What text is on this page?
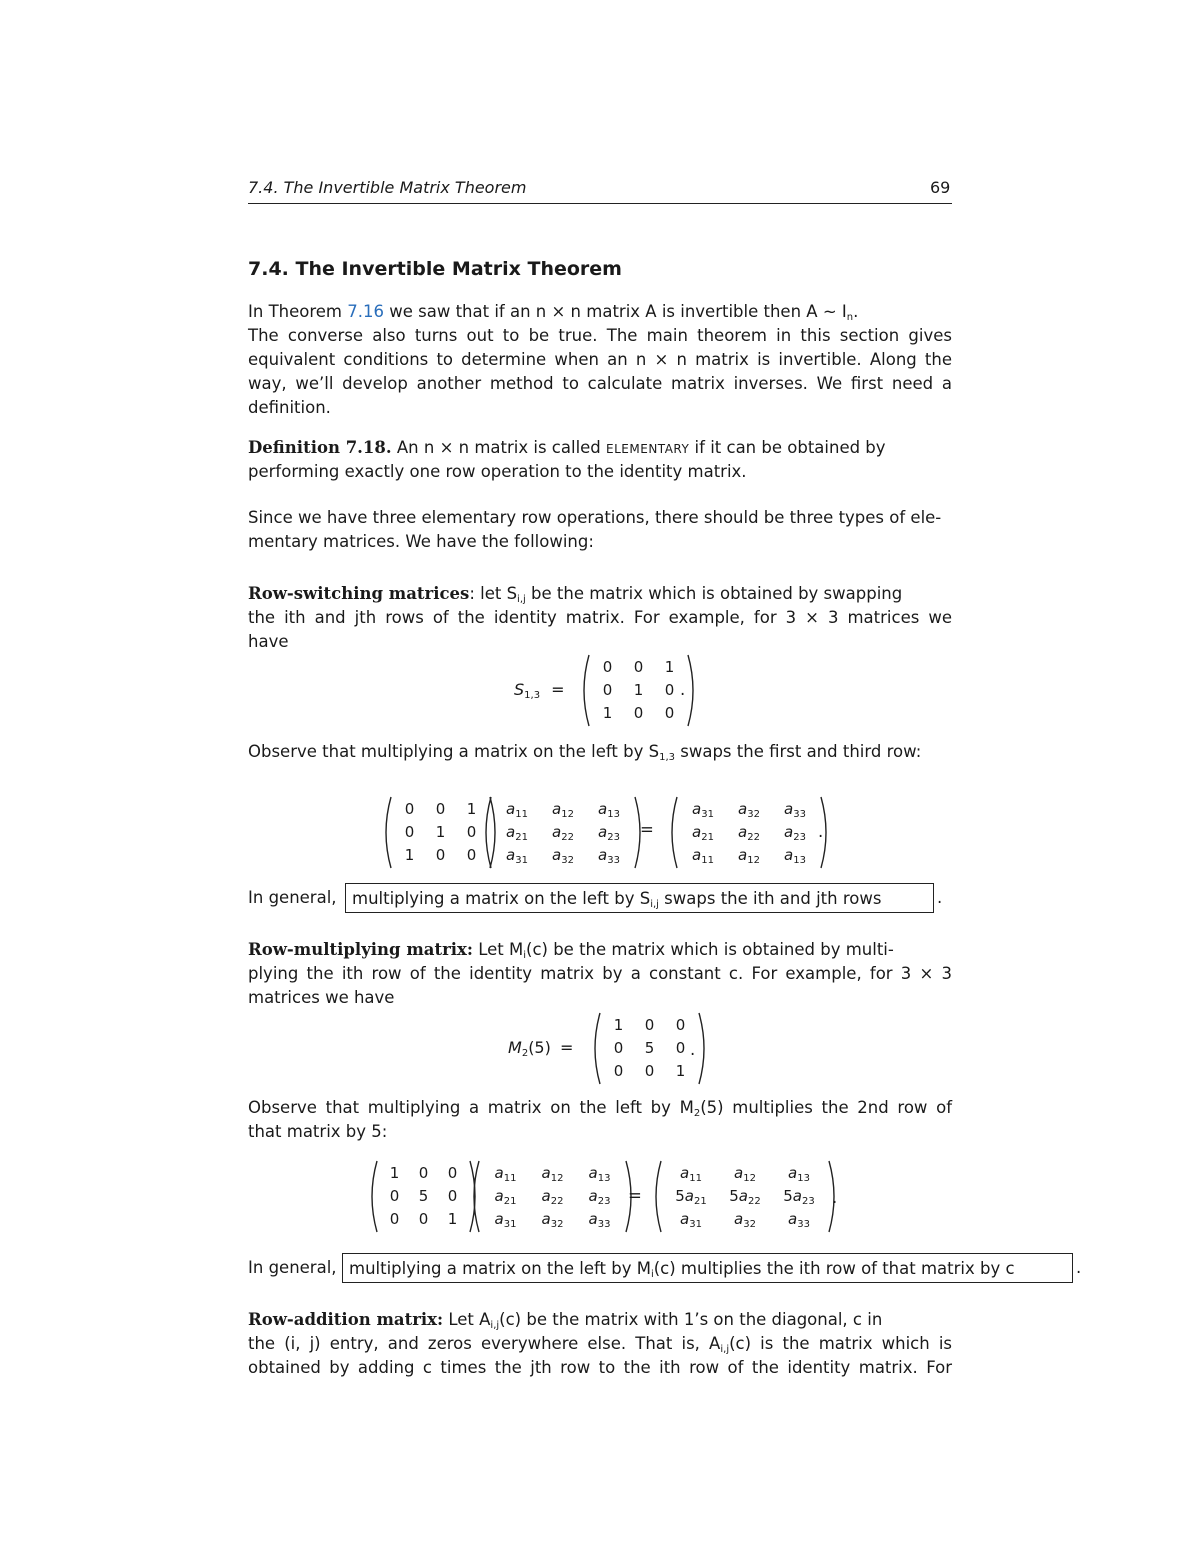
7.4. The Invertible Matrix Theorem	69
7.4. The Invertible Matrix Theorem
In Theorem 7.16 we saw that if an n × n matrix A is invertible then A ∼ $I_n$.
The converse also turns out to be true. The main theorem in this section gives
equivalent conditions to determine when an n × n matrix is invertible. Along the
way, we’ll develop another method to calculate matrix inverses. We first need a
definition.
Definition 7.18. An n × n matrix is called elementary if it can be obtained by
performing exactly one row operation to the identity matrix.
Since we have three elementary row operations, there should be three types of ele-
mentary matrices. We have the following:
Row-switching matrices: let $S_{i,j}$ be the matrix which is obtained by swapping
the ith and jth rows of the identity matrix. For example, for 3 × 3 matrices we
have
$S_{1,3}$ =
0	0	1
0	1	0
1	0	0
.
Observe that multiplying a matrix on the left by $S_{1,3}$ swaps the first and third row:
0	0	1
0	1	0
1	0	0
$a_{11}$	$a_{12}$	$a_{13}$
$a_{21}$	$a_{22}$	$a_{23}$
$a_{31}$	$a_{32}$	$a_{33}$
=
$a_{31}$	$a_{32}$	$a_{33}$
$a_{21}$	$a_{22}$	$a_{23}$
$a_{11}$	$a_{12}$	$a_{13}$
.
In general, multiplying a matrix on the left by $S_{i,j}$ swaps the ith and jth rows	.
Row-multiplying matrix: Let $M_i(c)$ be the matrix which is obtained by multi-
plying the ith row of the identity matrix by a constant c. For example, for 3 × 3
matrices we have
$M_2(5)$ =
1	0	0
0	5	0
0	0	1
.
Observe that multiplying a matrix on the left by $M_2(5)$ multiplies the 2nd row of
that matrix by 5:
1	0	0
0	5	0
0	0	1
$a_{11}$	$a_{12}$	$a_{13}$
$a_{21}$	$a_{22}$	$a_{23}$
$a_{31}$	$a_{32}$	$a_{33}$
=
$a_{11}$	$a_{12}$	$a_{13}$
$5a_{21}$	$5a_{22}$	$5a_{23}$
$a_{31}$	$a_{32}$	$a_{33}$
.
In general, multiplying a matrix on the left by $M_i(c)$ multiplies the ith row of that matrix by c	.
Row-addition matrix: Let $A_{i,j}(c)$ be the matrix with 1’s on the diagonal, c in
the (i, j) entry, and zeros everywhere else. That is, $A_{i,j}(c)$ is the matrix which is
obtained by adding c times the jth row to the ith row of the identity matrix. For
